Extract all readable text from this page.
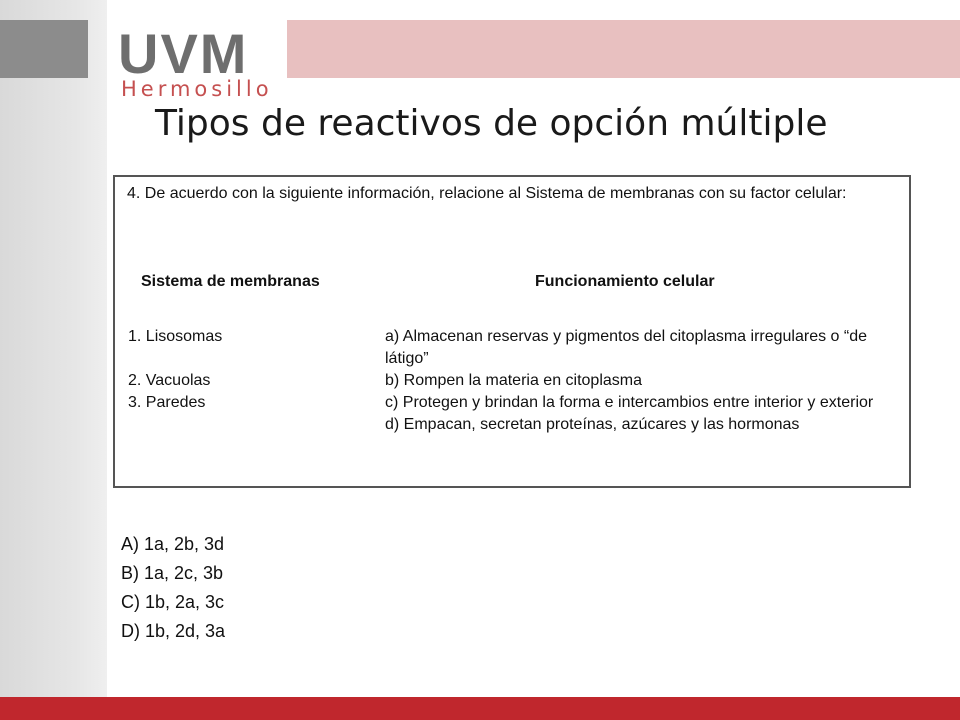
UVM
Hermosillo
Tipos de reactivos de opción múltiple
4. De acuerdo con la siguiente información, relacione al Sistema de membranas con su factor celular:
Sistema de membranas	Funcionamiento celular
1. Lisosomas
2. Vacuolas
3. Paredes
a) Almacenan reservas y pigmentos del citoplasma irregulares o “de látigo”
b) Rompen la materia en citoplasma
c) Protegen y brindan la forma e intercambios entre interior y exterior
d) Empacan, secretan proteínas, azúcares y las hormonas
A) 1a, 2b, 3d
B) 1a, 2c, 3b
C) 1b, 2a, 3c
D) 1b, 2d, 3a
